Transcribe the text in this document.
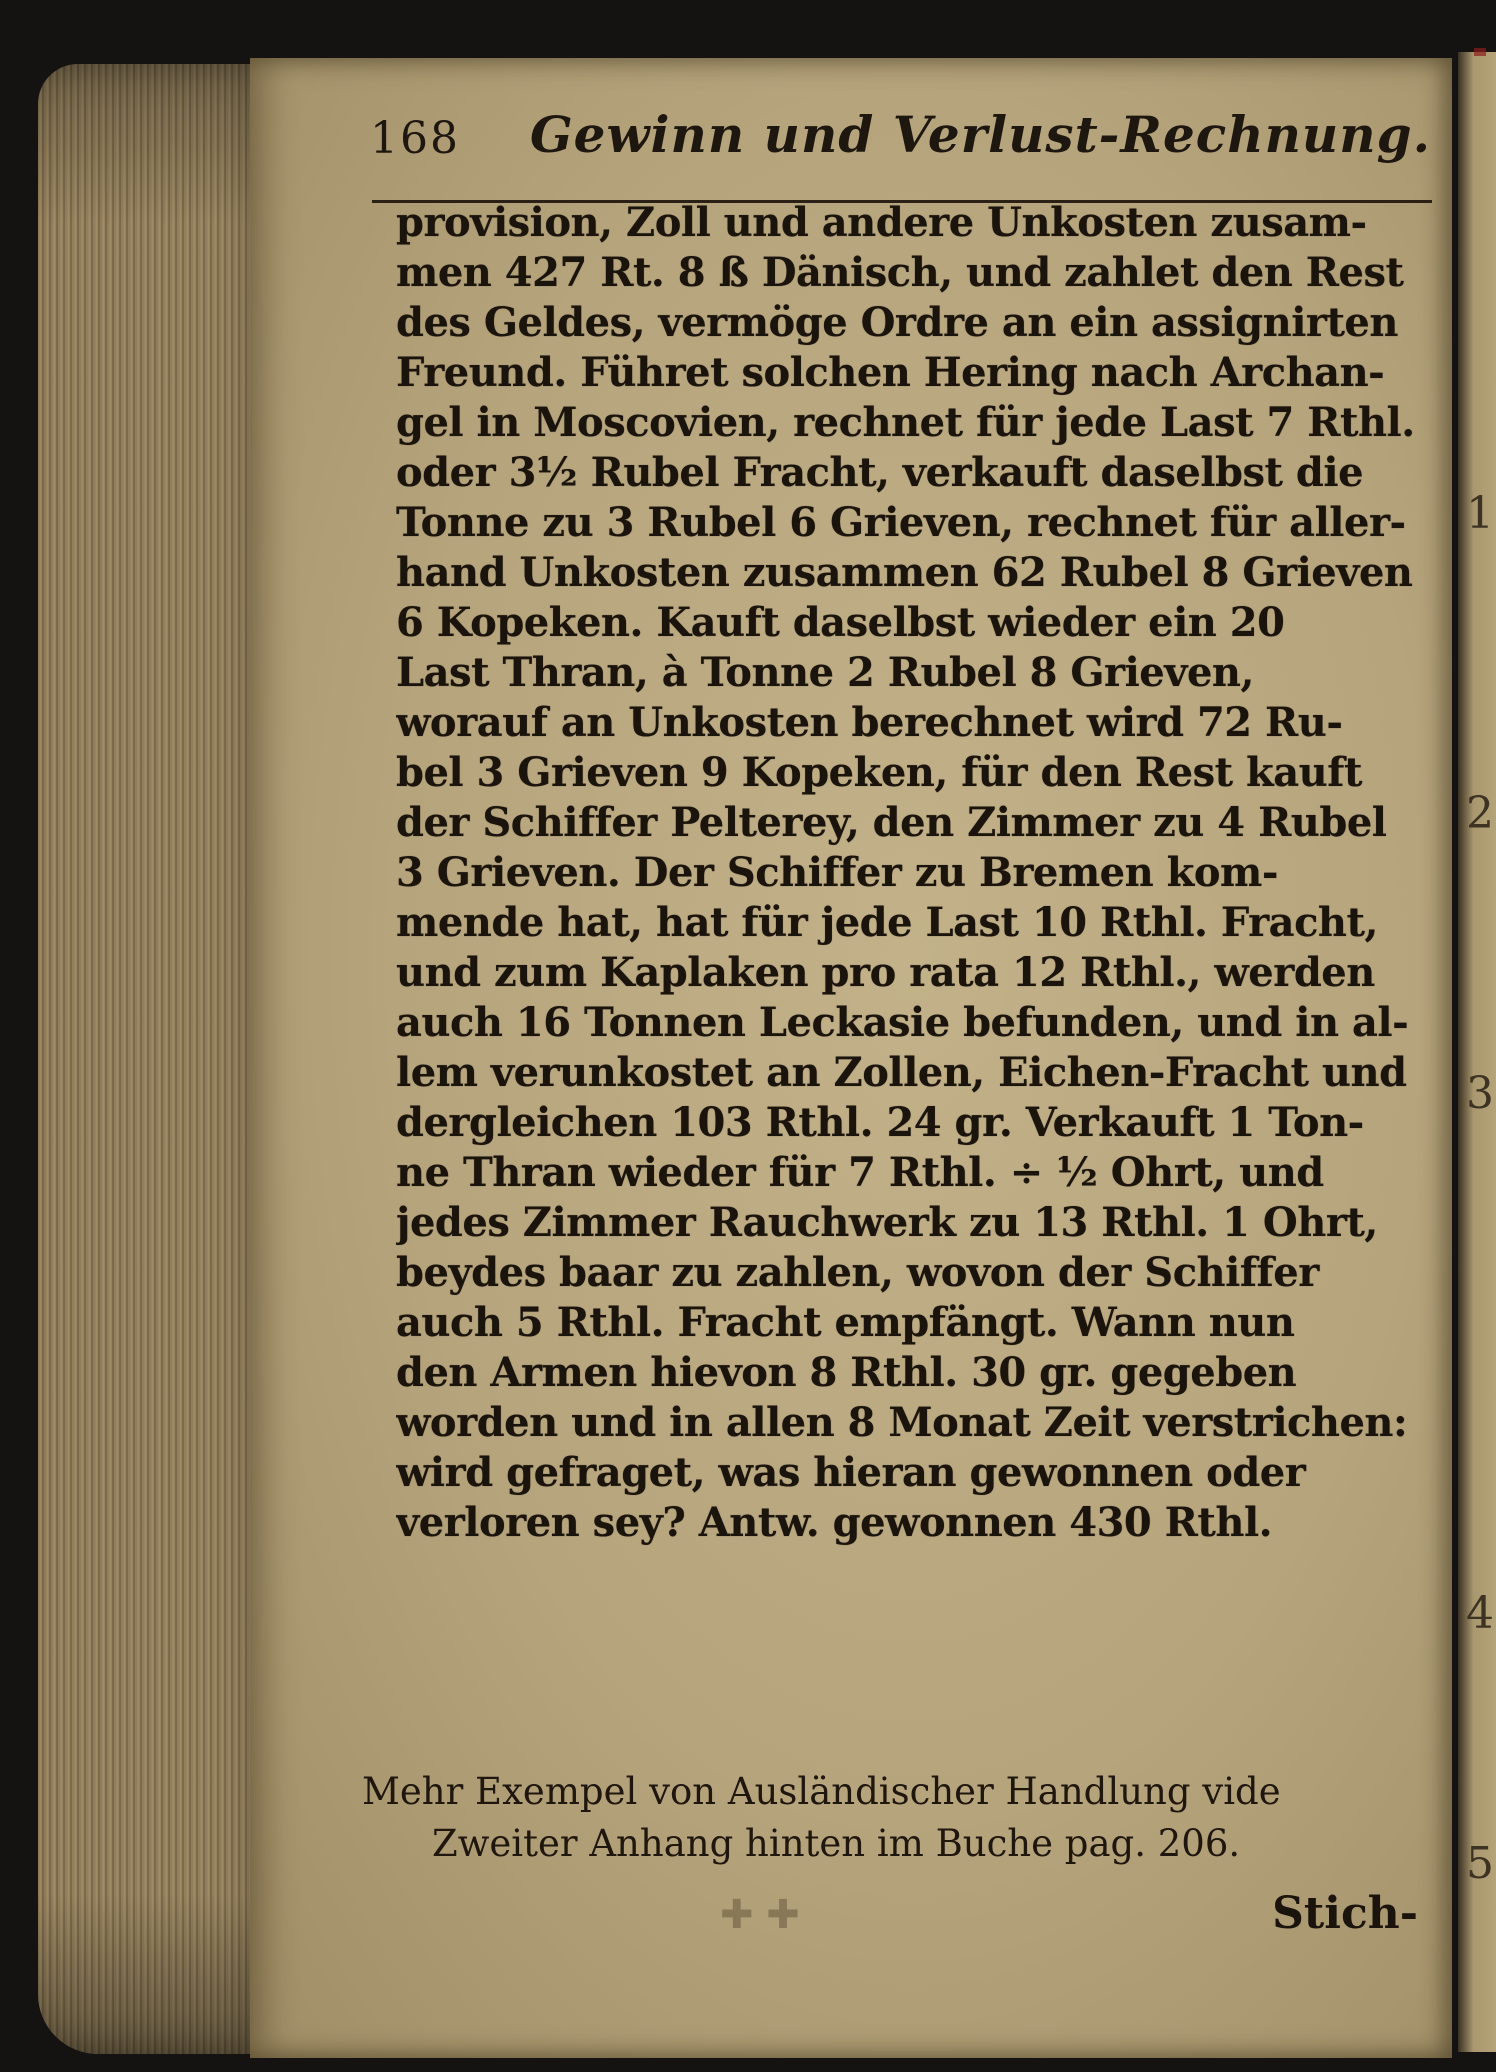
1
2
3
4
5
168 Gewinn und Verlust-Rechnung.
provision, Zoll und andere Unkosten zusam-
men 427 Rt. 8 ß Dänisch, und zahlet den Rest
des Geldes, vermöge Ordre an ein assignirten
Freund. Führet solchen Hering nach Archan-
gel in Moscovien, rechnet für jede Last 7 Rthl.
oder 3½ Rubel Fracht, verkauft daselbst die
Tonne zu 3 Rubel 6 Grieven, rechnet für aller-
hand Unkosten zusammen 62 Rubel 8 Grieven
6 Kopeken. Kauft daselbst wieder ein 20
Last Thran, à Tonne 2 Rubel 8 Grieven,
worauf an Unkosten berechnet wird 72 Ru-
bel 3 Grieven 9 Kopeken, für den Rest kauft
der Schiffer Pelterey, den Zimmer zu 4 Rubel
3 Grieven. Der Schiffer zu Bremen kom-
mende hat, hat für jede Last 10 Rthl. Fracht,
und zum Kaplaken pro rata 12 Rthl., werden
auch 16 Tonnen Leckasie befunden, und in al-
lem verunkostet an Zollen, Eichen-Fracht und
dergleichen 103 Rthl. 24 gr. Verkauft 1 Ton-
ne Thran wieder für 7 Rthl. ÷ ½ Ohrt, und
jedes Zimmer Rauchwerk zu 13 Rthl. 1 Ohrt,
beydes baar zu zahlen, wovon der Schiffer
auch 5 Rthl. Fracht empfängt. Wann nun
den Armen hievon 8 Rthl. 30 gr. gegeben
worden und in allen 8 Monat Zeit verstrichen:
wird gefraget, was hieran gewonnen oder
verloren sey? Antw. gewonnen 430 Rthl.
Mehr Exempel von Ausländischer Handlung vide
Zweiter Anhang hinten im Buche pag. 206.
✚ ✚	Stich-
